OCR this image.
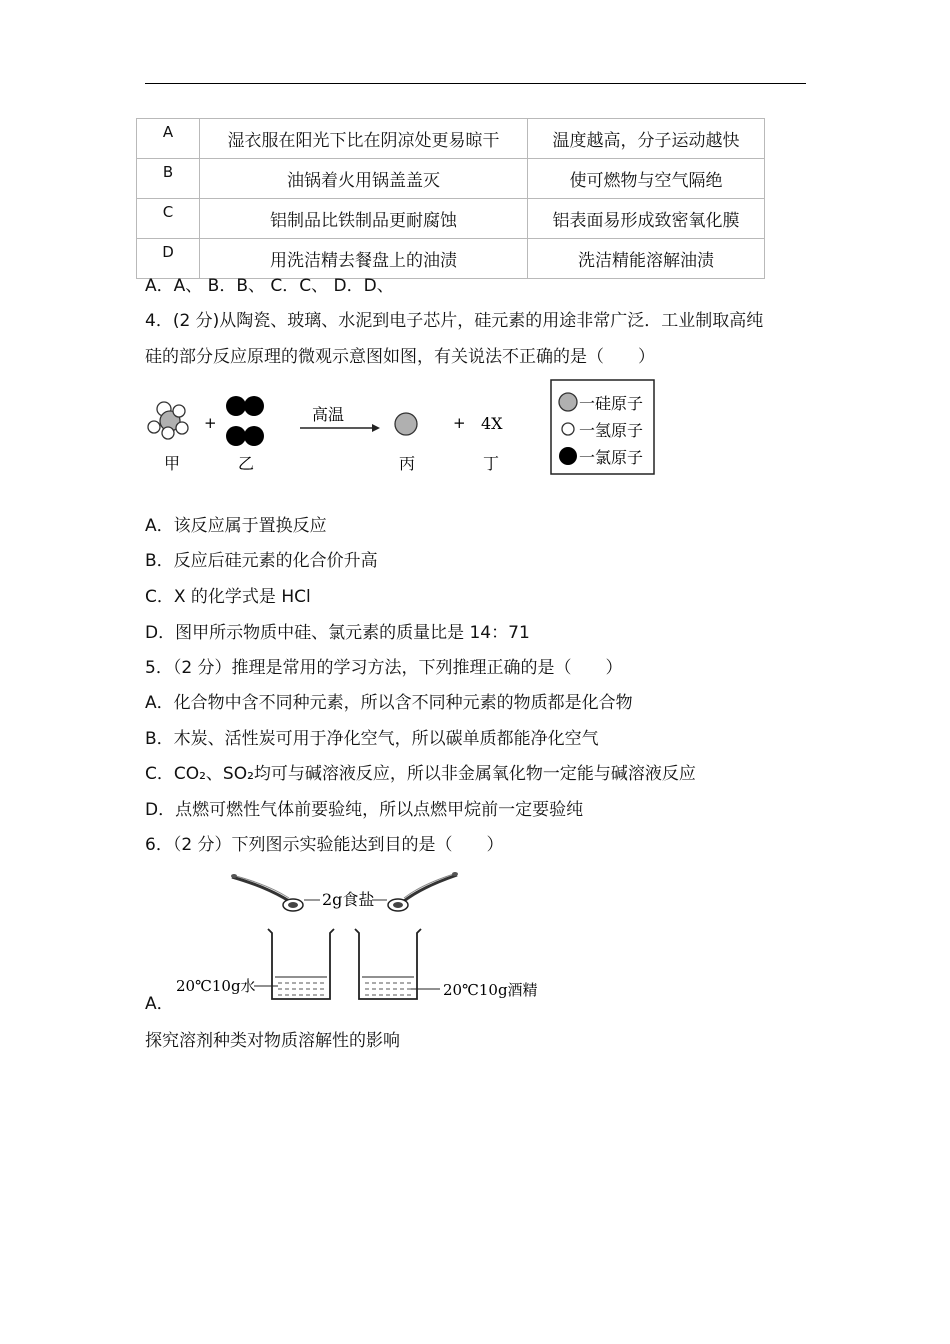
A	湿衣服在阳光下比在阴凉处更易晾干	温度越高，分子运动越快
B	油锅着火用锅盖盖灭	使可燃物与空气隔绝
C	铝制品比铁制品更耐腐蚀	铝表面易形成致密氧化膜
D	用洗洁精去餐盘上的油渍	洗洁精能溶解油渍
A．A、 B．B、 C．C、 D．D、
4．(2 分)从陶瓷、玻璃、水泥到电子芯片，硅元素的用途非常广泛．工业制取高纯
硅的部分反应原理的微观示意图如图，有关说法不正确的是（　　）
+	高温	+ 4X
甲	乙	丙	丁
一硅原子
一氢原子
一氯原子
A．该反应属于置换反应
B．反应后硅元素的化合价升高
C．X 的化学式是 HCl
D．图甲所示物质中硅、氯元素的质量比是 14：71
5．（2 分）推理是常用的学习方法，下列推理正确的是（　　）
A．化合物中含不同种元素，所以含不同种元素的物质都是化合物
B．木炭、活性炭可用于净化空气，所以碳单质都能净化空气
C．CO₂、SO₂均可与碱溶液反应，所以非金属氧化物一定能与碱溶液反应
D．点燃可燃性气体前要验纯，所以点燃甲烷前一定要验纯
6．（2 分）下列图示实验能达到目的是（　　）
2g食盐
20℃10g水	20℃10g酒精
A．
探究溶剂种类对物质溶解性的影响
